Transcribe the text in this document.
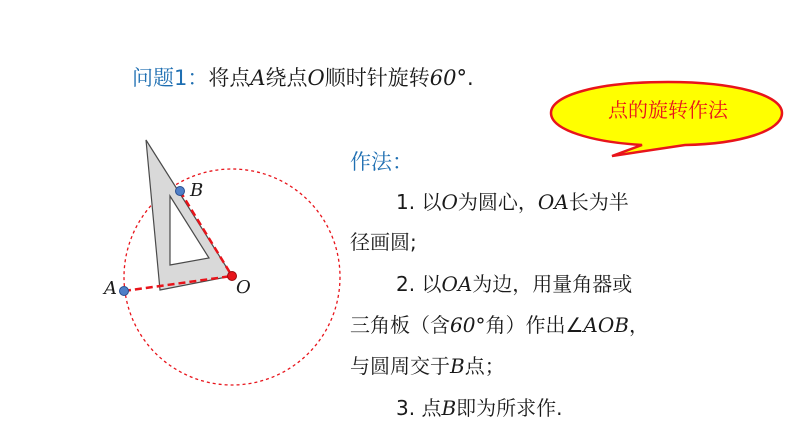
问题1：将点A绕点O顺时针旋转60°.
点的旋转作法
作法：
1. 以O为圆心，OA长为半
径画圆;
2. 以OA为边，用量角器或
三角板（含60°角）作出∠AOB，
与圆周交于B点；
3. 点B即为所求作.
A
B
O
